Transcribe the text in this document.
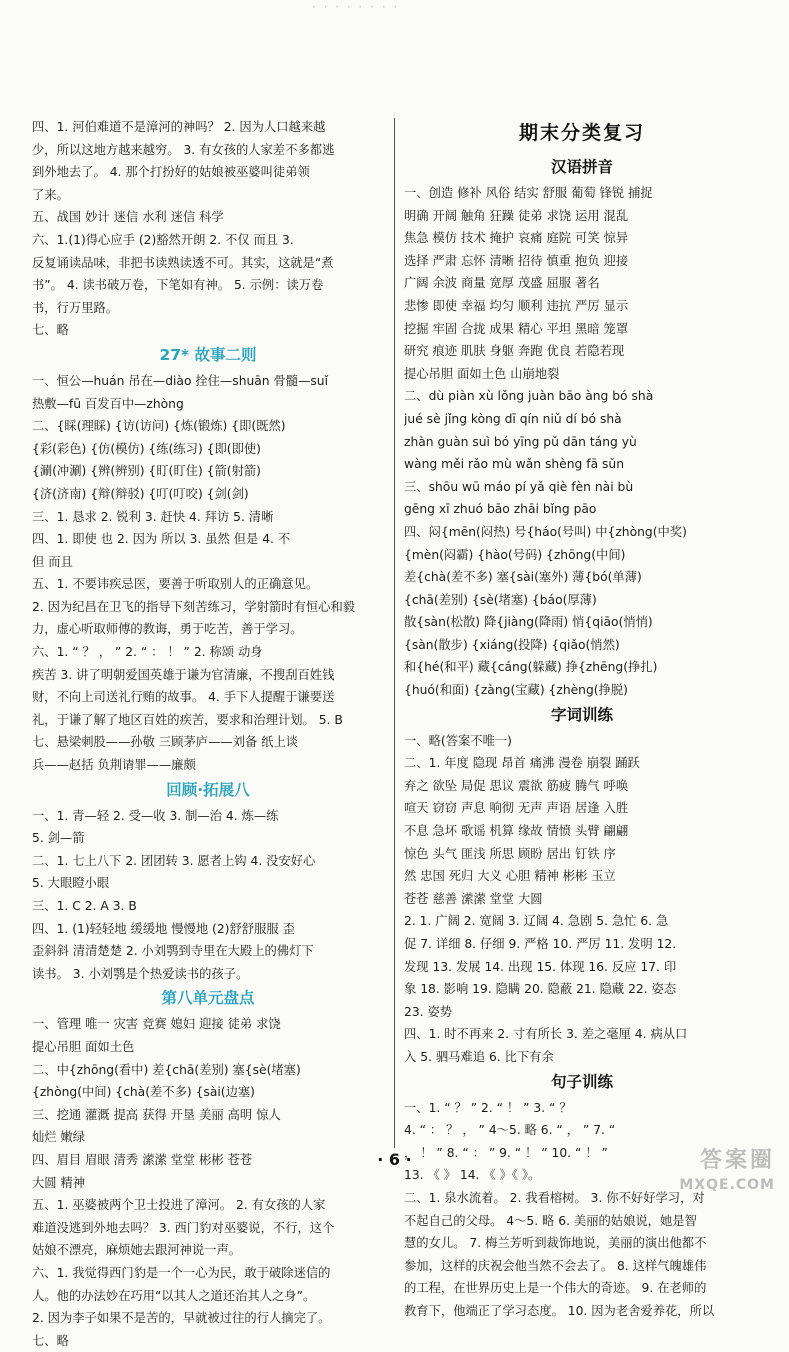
· · · · · · · ·
四、1. 河伯难道不是漳河的神吗？ 2. 因为人口越来越
少，所以这地方越来越穷。 3. 有女孩的人家差不多都逃
到外地去了。 4. 那个打扮好的姑娘被巫婆叫徒弟领
了来。
五、战国 妙计 迷信 水利 迷信 科学
六、1.(1)得心应手 (2)豁然开朗 2. 不仅 而且 3.
反复诵读品味，非把书读熟读透不可。其实，这就是“煮
书”。 4. 读书破万卷，下笔如有神。 5. 示例：读万卷
书，行万里路。
七、略
27* 故事二则
一、恒公—huán 吊在—diào 拴住—shuān 骨髓—suǐ
热敷—fū 百发百中—zhòng
二、{睬(理睬) {访(访问) {炼(锻炼) {即(既然)
{彩(彩色) {仿(模仿) {练(练习) {即(即使)
{涮(冲涮) {辨(辨别) {盯(盯住) {箭(射箭)
{济(济南) {辩(辩驳) {叮(叮咬) {剑(剑)
三、1. 恳求 2. 锐利 3. 赶快 4. 拜访 5. 清晰
四、1. 即使 也 2. 因为 所以 3. 虽然 但是 4. 不
但 而且
五、1. 不要讳疾忌医，要善于听取别人的正确意见。
2. 因为纪昌在卫飞的指导下刻苦练习，学射箭时有恒心和毅
力，虚心听取师傅的教诲，勇于吃苦，善于学习。
六、1. “ ？ ， ” 2. “ ： ！ ” 2. 称颂 动身
疾苦 3. 讲了明朝爱国英雄于谦为官清廉，不搜刮百姓钱
财，不向上司送礼行贿的故事。 4. 手下人提醒于谦要送
礼，于谦了解了地区百姓的疾苦，要求和治理计划。 5. B
七、悬梁刺股——孙敬 三顾茅庐——刘备 纸上谈
兵——赵括 负荆请罪——廉颇
回顾·拓展八
一、1. 青—轻 2. 受—收 3. 制—治 4. 炼—练
5. 剑—箭
二、1. 七上八下 2. 团团转 3. 愿者上钩 4. 没安好心
5. 大眼瞪小眼
三、1. C 2. A 3. B
四、1. (1)轻轻地 缓缓地 慢慢地 (2)舒舒服服 歪
歪斜斜 清清楚楚 2. 小刘鹗到寺里在大殿上的佛灯下
读书。 3. 小刘鹗是个热爱读书的孩子。
第八单元盘点
一、管理 唯一 灾害 竞赛 媳妇 迎接 徒弟 求饶
提心吊胆 面如土色
二、中{zhōng(看中) 差{chā(差别) 塞{sè(堵塞)
{zhòng(中间) {chà(差不多) {sài(边塞)
三、挖通 灌溉 提高 获得 开垦 美丽 高明 惊人
灿烂 嫩绿
四、眉目 眉眼 清秀 潆潆 堂堂 彬彬 苍苍
大圆 精神
五、1. 巫婆被两个卫士投进了漳河。 2. 有女孩的人家
难道没逃到外地去吗？ 3. 西门豹对巫婆说，不行，这个
姑娘不漂亮，麻烦她去跟河神说一声。
六、1. 我觉得西门豹是一个一心为民，敢于破除迷信的
人。他的办法妙在巧用“以其人之道还治其人之身”。
2. 因为李子如果不是苦的，早就被过往的行人摘完了。
七、略
期末分类复习
汉语拼音
一、创造 修补 风俗 结实 舒服 葡萄 锋锐 捕捉
明确 开阔 触角 狂躁 徒弟 求饶 运用 混乱
焦急 模仿 技术 掩护 哀痛 庭院 可笑 惊异
选择 严肃 忘怀 清晰 招待 慎重 抱负 迎接
广阔 余波 商量 宽厚 茂盛 屈服 著名
悲惨 即使 幸福 均匀 顺利 违抗 严厉 显示
挖掘 牢固 合拢 成果 精心 平坦 黑暗 笼罩
研究 痕迹 肌肤 身躯 奔跑 优良 若隐若现
提心吊胆 面如土色 山崩地裂
二、dù piàn xù lǒng juàn bāo àng bó shà
jué sè jǐng kòng dī qín niǔ dí bó shà
zhàn guàn suì bó yīng pǔ dān táng yù
wàng měi rǎo mù wǎn shèng fā sǔn
三、shōu wū máo pí yǎ qiè fèn nài bù
gēng xī zhuó bāo zhāi bǐng pāo
四、闷{mēn(闷热) 号{háo(号叫) 中{zhòng(中奖)
{mèn(闷霸) {hào(号码) {zhōng(中间)
差{chà(差不多) 塞{sài(塞外) 薄{bó(单薄)
{chā(差别) {sè(堵塞) {báo(厚薄)
散{sàn(松散) 降{jiàng(降雨) 悄{qiāo(悄悄)
{sàn(散步) {xiáng(投降) {qiǎo(悄然)
和{hé(和平) 藏{cáng(躲藏) 挣{zhēng(挣扎)
{huó(和面) {zàng(宝藏) {zhèng(挣脱)
字词训练
一、略(答案不唯一)
二、1. 年度 隐现 昂首 痛沸 漫卷 崩裂 踊跃
弃之 欲坠 局促 思议 震欲 筋疲 腾气 呼唤
喧天 窃窃 声息 响彻 无声 声语 居逢 入胜
不息 急坏 歌谣 机算 缘故 情愤 头臂 翩翩
惊色 头气 匪浅 所思 顾盼 居出 钉铁 序
然 忠国 死归 大义 心胆 精神 彬彬 玉立
苍苍 慈善 潆潆 堂堂 大圆
2. 1. 广阔 2. 宽阔 3. 辽阔 4. 急剧 5. 急忙 6. 急
促 7. 详细 8. 仔细 9. 严格 10. 严厉 11. 发明 12.
发现 13. 发展 14. 出现 15. 体现 16. 反应 17. 印
象 18. 影响 19. 隐瞒 20. 隐蔽 21. 隐藏 22. 姿态
23. 姿势
四、1. 时不再来 2. 寸有所长 3. 差之毫厘 4. 病从口
入 5. 驷马难追 6. 比下有余
句子训练
一、1. “ ？ ” 2. “ ！ ” 3. “ ？
4. “ ： ？ ， ” 4～5. 略 6. “ ， ” 7. “
， ！ ” 8. “ ： ” 9. “ ！ ” 10. “ ！ ”
13. 《 》 14. 《 》《 》。
二、1. 泉水流着。 2. 我看榕树。 3. 你不好好学习，对
不起自己的父母。 4～5. 略 6. 美丽的姑娘说，她是智
慧的女儿。 7. 梅兰芳听到裁饰地说，美丽的演出他都不
参加，这样的庆祝会他当然不会去了。 8. 这样气魄雄伟
的工程，在世界历史上是一个伟大的奇迹。 9. 在老师的
教育下，他端正了学习态度。 10. 因为老舍爱养花，所以
· 6 ·	答案圈
MXQE.COM
